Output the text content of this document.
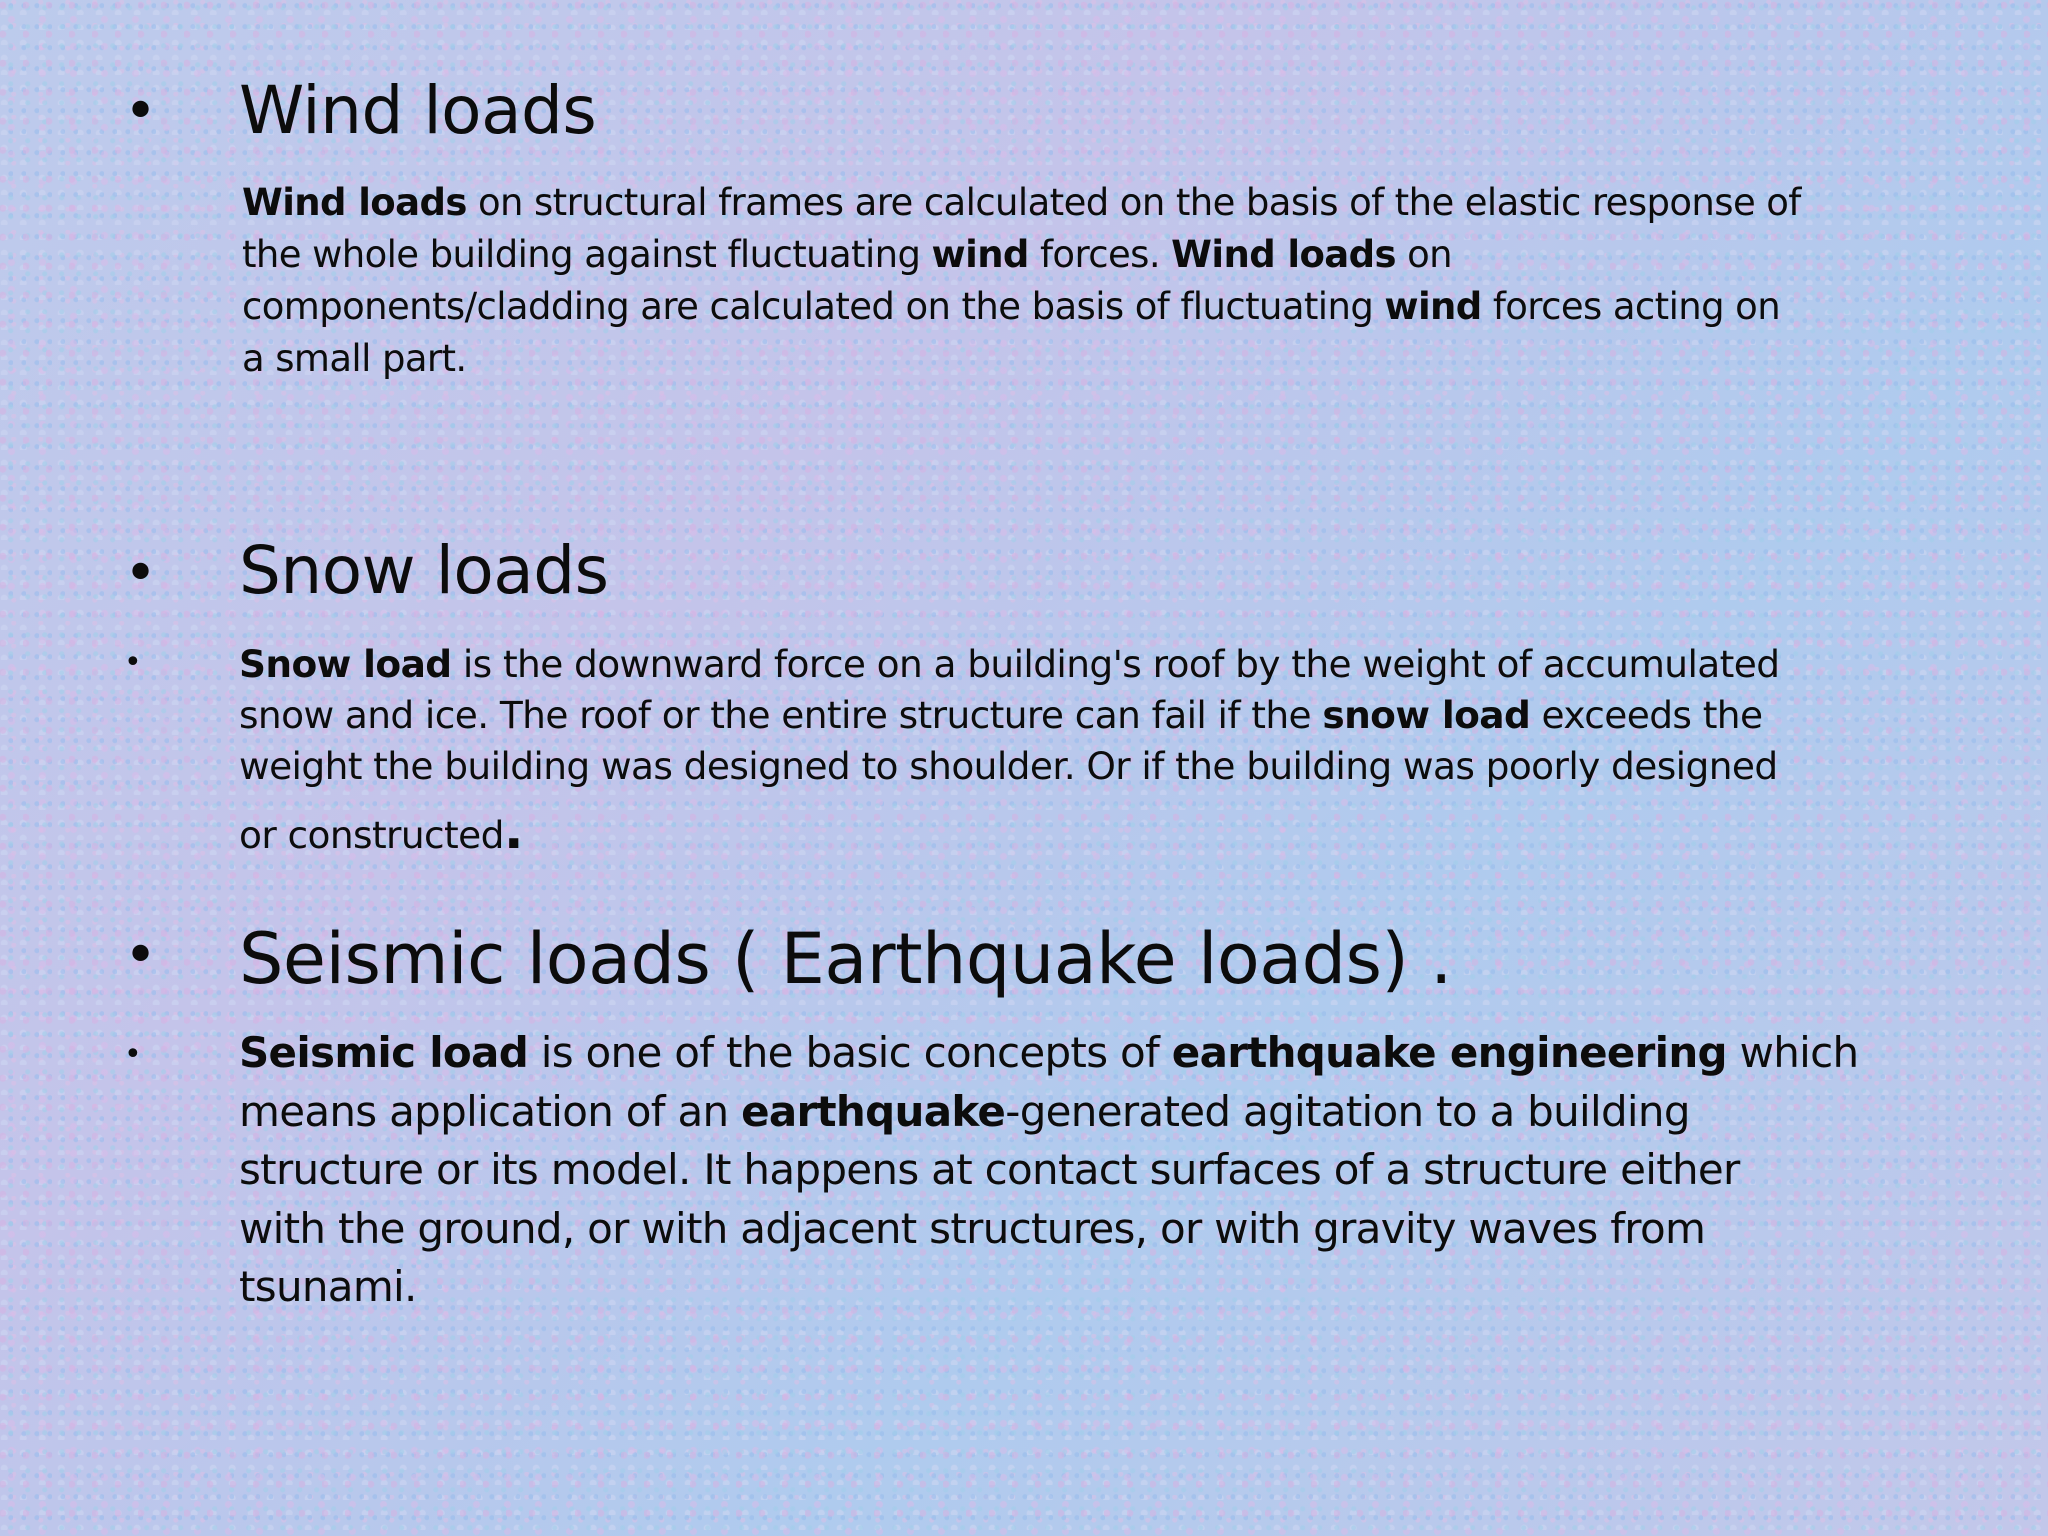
• Wind loads

Wind loads on structural frames are calculated on the basis of the elastic response of
the whole building against fluctuating wind forces. Wind loads on
components/cladding are calculated on the basis of fluctuating wind forces acting on
a small part.

• Snow loads
•	Snow load is the downward force on a building's roof by the weight of accumulated
snow and ice. The roof or the entire structure can fail if the snow load exceeds the
weight the building was designed to shoulder. Or if the building was poorly designed
or constructed.

• Seismic loads ( Earthquake loads) .
• Seismic load is one of the basic concepts of earthquake engineering which
means application of an earthquake-generated agitation to a building
structure or its model. It happens at contact surfaces of a structure either
with the ground, or with adjacent structures, or with gravity waves from
tsunami.
